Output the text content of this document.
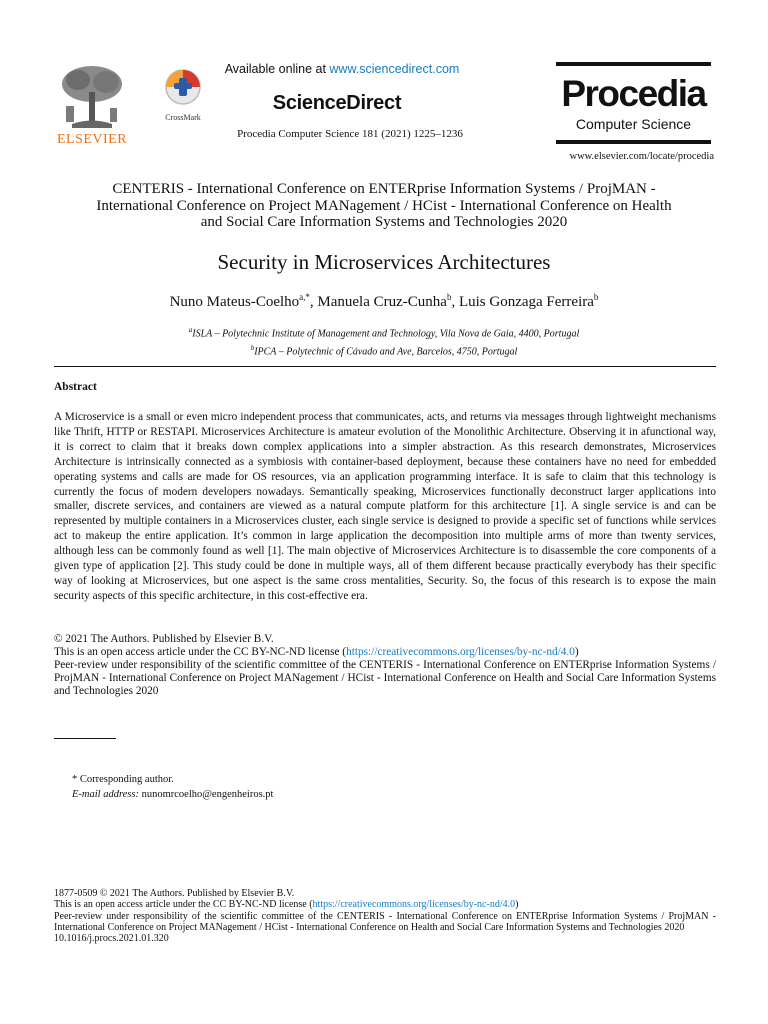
ELSEVIER
CrossMark
Available online at www.sciencedirect.com
ScienceDirect
Procedia Computer Science 181 (2021) 1225–1236
Procedia
Computer Science
www.elsevier.com/locate/procedia
CENTERIS - International Conference on ENTERprise Information Systems / ProjMAN -
International Conference on Project MANagement / HCist - International Conference on Health
and Social Care Information Systems and Technologies 2020
Security in Microservices Architectures
Nuno Mateus-Coelho$^{a,*}$, Manuela Cruz-Cunha$^b$, Luis Gonzaga Ferreira$^b$
$^a$ISLA – Polytechnic Institute of Management and Technology, Vila Nova de Gaia, 4400, Portugal
$^b$IPCA – Polytechnic of Cávado and Ave, Barcelos, 4750, Portugal
Abstract
A Microservice is a small or even micro independent process that communicates, acts, and returns via messages through lightweight mechanisms like Thrift, HTTP or RESTAPI. Microservices Architecture is amateur evolution of the Monolithic Architecture. Observing it in afunctional way, it is correct to claim that it breaks down complex applications into a simpler abstraction. As this research demonstrates, Microservices Architecture is intrinsically connected as a symbiosis with container-based deployment, because these containers have no need for embedded operating systems and calls are made for OS resources, via an application programming interface. It is safe to claim that this technology is currently the focus of modern developers nowadays. Semantically speaking, Microservices functionally deconstruct larger applications into smaller, discrete services, and containers are viewed as a natural compute platform for this architecture [1]. A single service is and can be represented by multiple containers in a Microservices cluster, each single service is designed to provide a specific set of functions while services act to makeup the entire application. It’s common in large application the decomposition into multiple arms of more than twenty services, although less can be commonly found as well [1]. The main objective of Microservices Architecture is to disassemble the core components of a given type of application [2]. This study could be done in multiple ways, all of them different because practically everybody has their specific way of looking at Microservices, but one aspect is the same cross mentalities, Security. So, the focus of this research is to expose the main security aspects of this specific architecture, in this cost-effective era.
© 2021 The Authors. Published by Elsevier B.V.
This is an open access article under the CC BY-NC-ND license (https://creativecommons.org/licenses/by-nc-nd/4.0)
Peer-review under responsibility of the scientific committee of the CENTERIS - International Conference on ENTERprise Information Systems / ProjMAN - International Conference on Project MANagement / HCist - International Conference on Health and Social Care Information Systems and Technologies 2020
* Corresponding author.
E-mail address: nunomrcoelho@engenheiros.pt
1877-0509 © 2021 The Authors. Published by Elsevier B.V.
This is an open access article under the CC BY-NC-ND license (https://creativecommons.org/licenses/by-nc-nd/4.0)
Peer-review under responsibility of the scientific committee of the CENTERIS - International Conference on ENTERprise Information Systems / ProjMAN - International Conference on Project MANagement / HCist - International Conference on Health and Social Care Information Systems and Technologies 2020
10.1016/j.procs.2021.01.320
